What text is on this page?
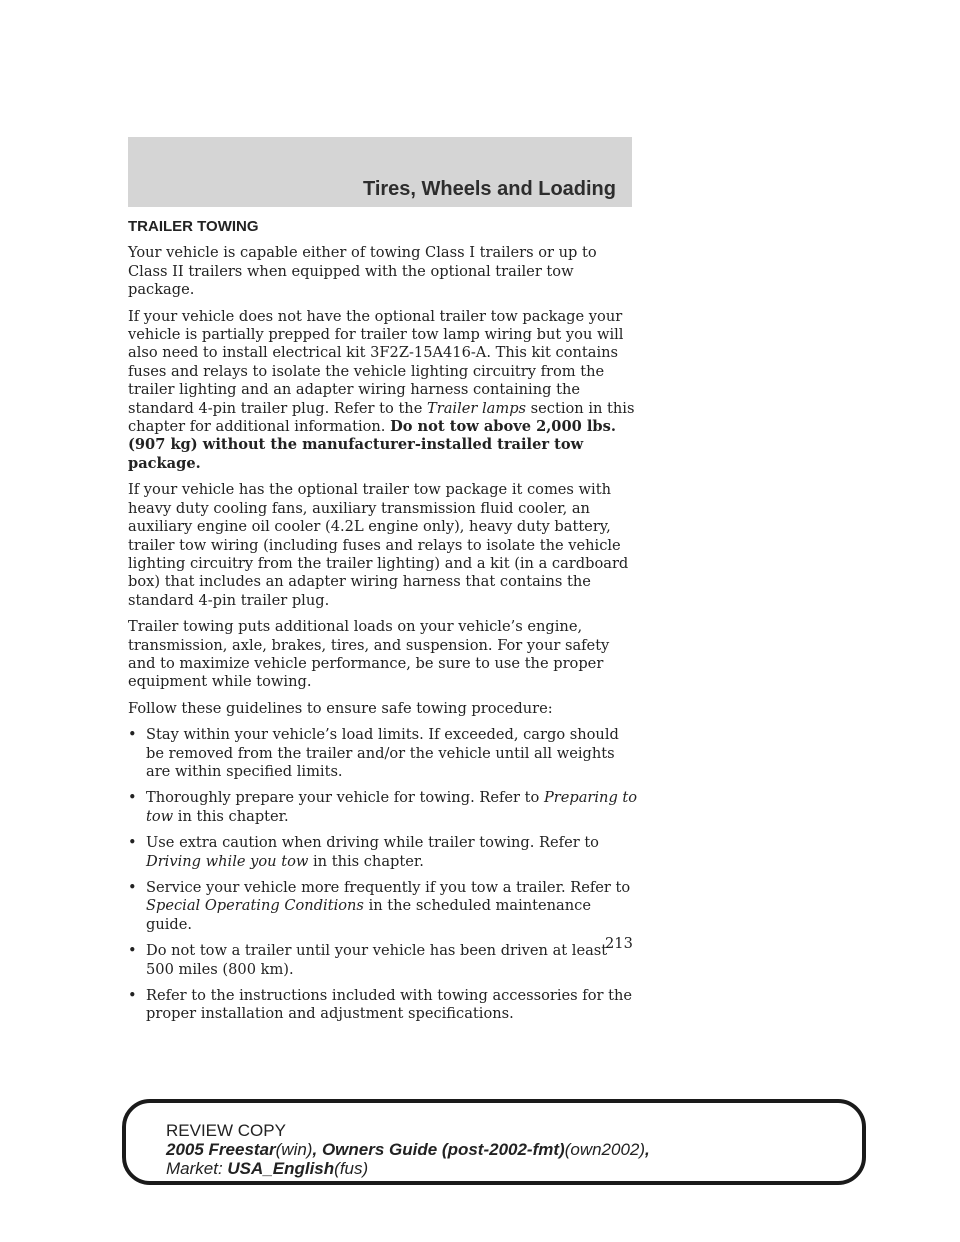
Tires, Wheels and Loading
TRAILER TOWING

Your vehicle is capable either of towing Class I trailers or up to Class II trailers when equipped with the optional trailer tow package.

If your vehicle does not have the optional trailer tow package your vehicle is partially prepped for trailer tow lamp wiring but you will also need to install electrical kit 3F2Z-15A416-A. This kit contains fuses and relays to isolate the vehicle lighting circuitry from the trailer lighting and an adapter wiring harness containing the standard 4-pin trailer plug. Refer to the Trailer lamps section in this chapter for additional information. Do not tow above 2,000 lbs. (907 kg) without the manufacturer-installed trailer tow package.

If your vehicle has the optional trailer tow package it comes with heavy duty cooling fans, auxiliary transmission fluid cooler, an auxiliary engine oil cooler (4.2L engine only), heavy duty battery, trailer tow wiring (including fuses and relays to isolate the vehicle lighting circuitry from the trailer lighting) and a kit (in a cardboard box) that includes an adapter wiring harness that contains the standard 4-pin trailer plug.

Trailer towing puts additional loads on your vehicle’s engine, transmission, axle, brakes, tires, and suspension. For your safety and to maximize vehicle performance, be sure to use the proper equipment while towing.

Follow these guidelines to ensure safe towing procedure:

• Stay within your vehicle’s load limits. If exceeded, cargo should be removed from the trailer and/or the vehicle until all weights are within specified limits.
• Thoroughly prepare your vehicle for towing. Refer to Preparing to tow in this chapter.
• Use extra caution when driving while trailer towing. Refer to Driving while you tow in this chapter.
• Service your vehicle more frequently if you tow a trailer. Refer to Special Operating Conditions in the scheduled maintenance guide.
• Do not tow a trailer until your vehicle has been driven at least 500 miles (800 km).
• Refer to the instructions included with towing accessories for the proper installation and adjustment specifications.
213
REVIEW COPY
2005 Freestar(win), Owners Guide (post-2002-fmt)(own2002),
Market: USA_English(fus)
